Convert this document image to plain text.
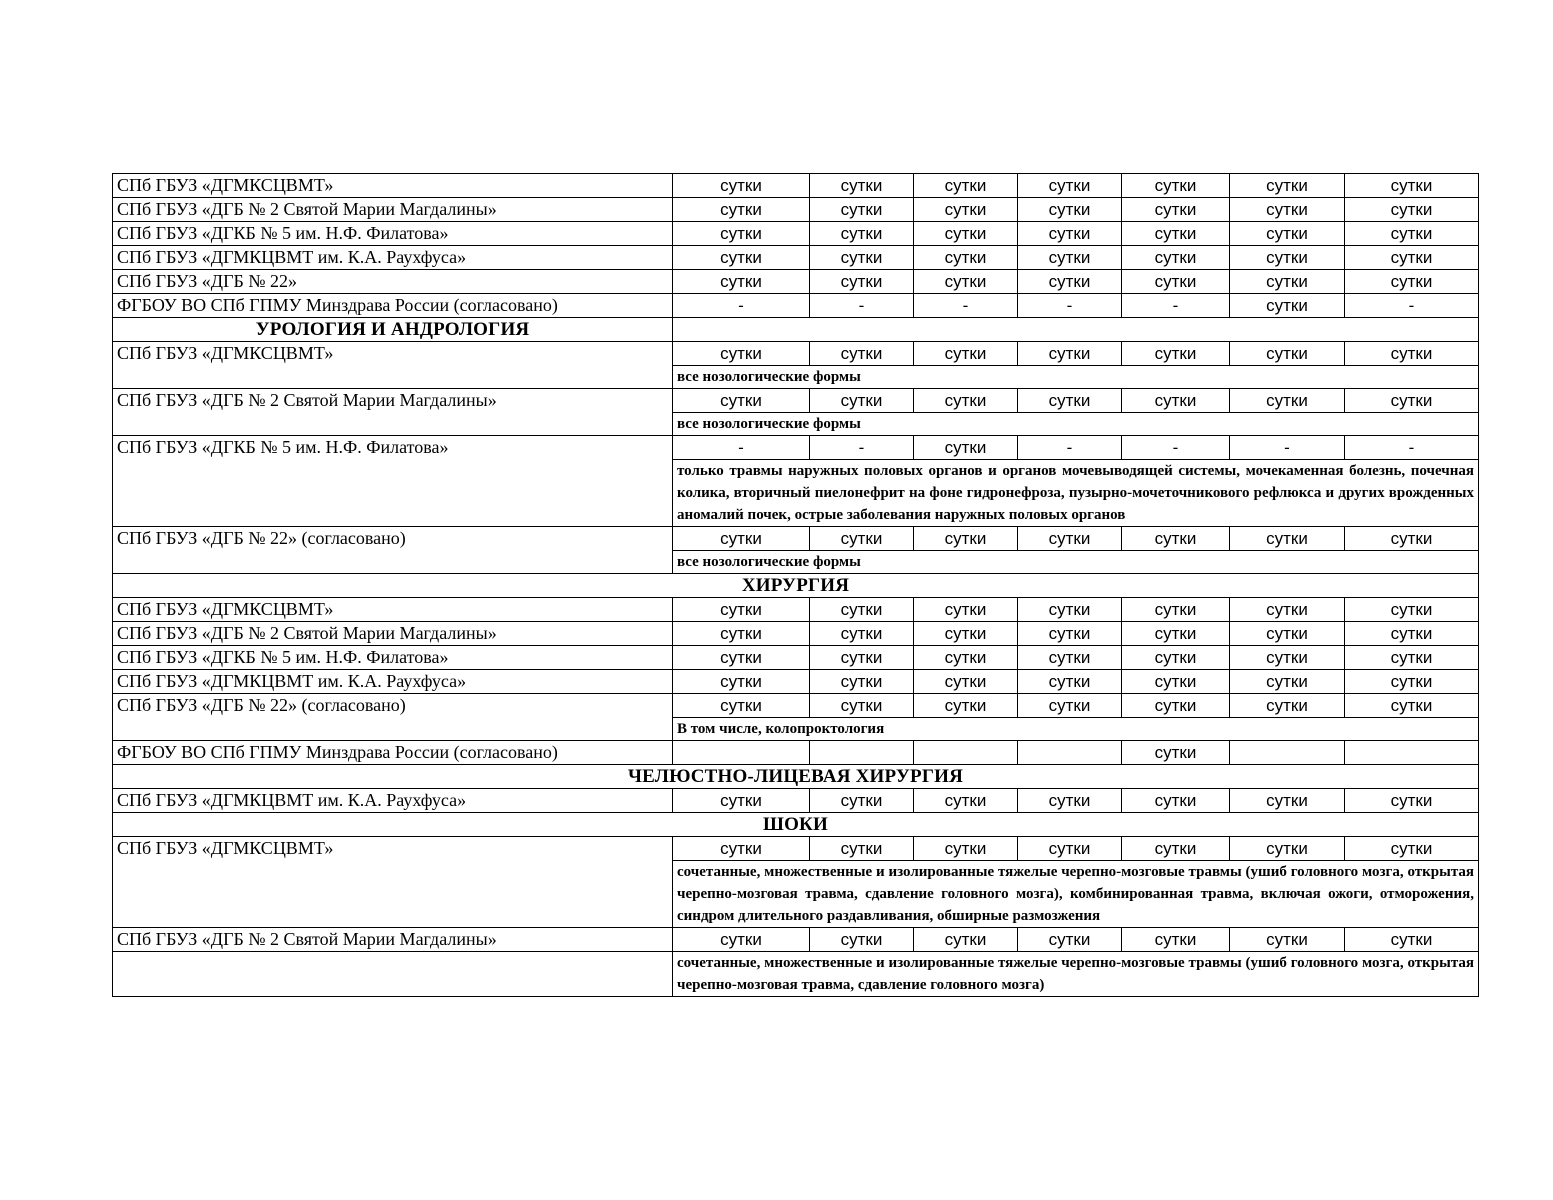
СПб ГБУЗ «ДГМКСЦВМТ»	сутки	сутки	сутки	сутки	сутки	сутки	сутки
СПб ГБУЗ «ДГБ № 2 Святой Марии Магдалины»	сутки	сутки	сутки	сутки	сутки	сутки	сутки
СПб ГБУЗ «ДГКБ № 5 им. Н.Ф. Филатова»	сутки	сутки	сутки	сутки	сутки	сутки	сутки
СПб ГБУЗ «ДГМКЦВМТ им. К.А. Раухфуса»	сутки	сутки	сутки	сутки	сутки	сутки	сутки
СПб ГБУЗ «ДГБ № 22»	сутки	сутки	сутки	сутки	сутки	сутки	сутки
ФГБОУ ВО СПб ГПМУ Минздрава России (согласовано)	-	-	-	-	-	сутки	-
УРОЛОГИЯ И АНДРОЛОГИЯ							
СПб ГБУЗ «ДГМКСЦВМТ»	сутки	сутки	сутки	сутки	сутки	сутки	сутки
	все нозологические формы						
СПб ГБУЗ «ДГБ № 2 Святой Марии Магдалины»	сутки	сутки	сутки	сутки	сутки	сутки	сутки
	все нозологические формы						
СПб ГБУЗ «ДГКБ № 5 им. Н.Ф. Филатова»	-	-	сутки	-	-	-	-
	только травмы наружных половых органов и органов мочевыводящей системы, мочекаменная болезнь, почечная колика, вторичный пиелонефрит на фоне гидронефроза, пузырно-мочеточникового рефлюкса и других врожденных аномалий почек, острые заболевания наружных половых органов						
СПб ГБУЗ «ДГБ № 22» (согласовано)	сутки	сутки	сутки	сутки	сутки	сутки	сутки
	все нозологические формы						
ХИРУРГИЯ							
СПб ГБУЗ «ДГМКСЦВМТ»	сутки	сутки	сутки	сутки	сутки	сутки	сутки
СПб ГБУЗ «ДГБ № 2 Святой Марии Магдалины»	сутки	сутки	сутки	сутки	сутки	сутки	сутки
СПб ГБУЗ «ДГКБ № 5 им. Н.Ф. Филатова»	сутки	сутки	сутки	сутки	сутки	сутки	сутки
СПб ГБУЗ «ДГМКЦВМТ им. К.А. Раухфуса»	сутки	сутки	сутки	сутки	сутки	сутки	сутки
СПб ГБУЗ «ДГБ № 22» (согласовано)	сутки	сутки	сутки	сутки	сутки	сутки	сутки
	В том числе, колопроктология						
ФГБОУ ВО СПб ГПМУ Минздрава России (согласовано)					сутки		
ЧЕЛЮСТНО-ЛИЦЕВАЯ ХИРУРГИЯ							
СПб ГБУЗ «ДГМКЦВМТ им. К.А. Раухфуса»	сутки	сутки	сутки	сутки	сутки	сутки	сутки
ШОКИ							
СПб ГБУЗ «ДГМКСЦВМТ»	сутки	сутки	сутки	сутки	сутки	сутки	сутки
	сочетанные, множественные и изолированные тяжелые черепно-мозговые травмы (ушиб головного мозга, открытая черепно-мозговая травма, сдавление головного мозга), комбинированная травма, включая ожоги, отморожения, синдром длительного раздавливания, обширные размозжения						
СПб ГБУЗ «ДГБ № 2 Святой Марии Магдалины»	сутки	сутки	сутки	сутки	сутки	сутки	сутки
	сочетанные, множественные и изолированные тяжелые черепно-мозговые травмы (ушиб головного мозга, открытая черепно-мозговая травма, сдавление головного мозга)						
